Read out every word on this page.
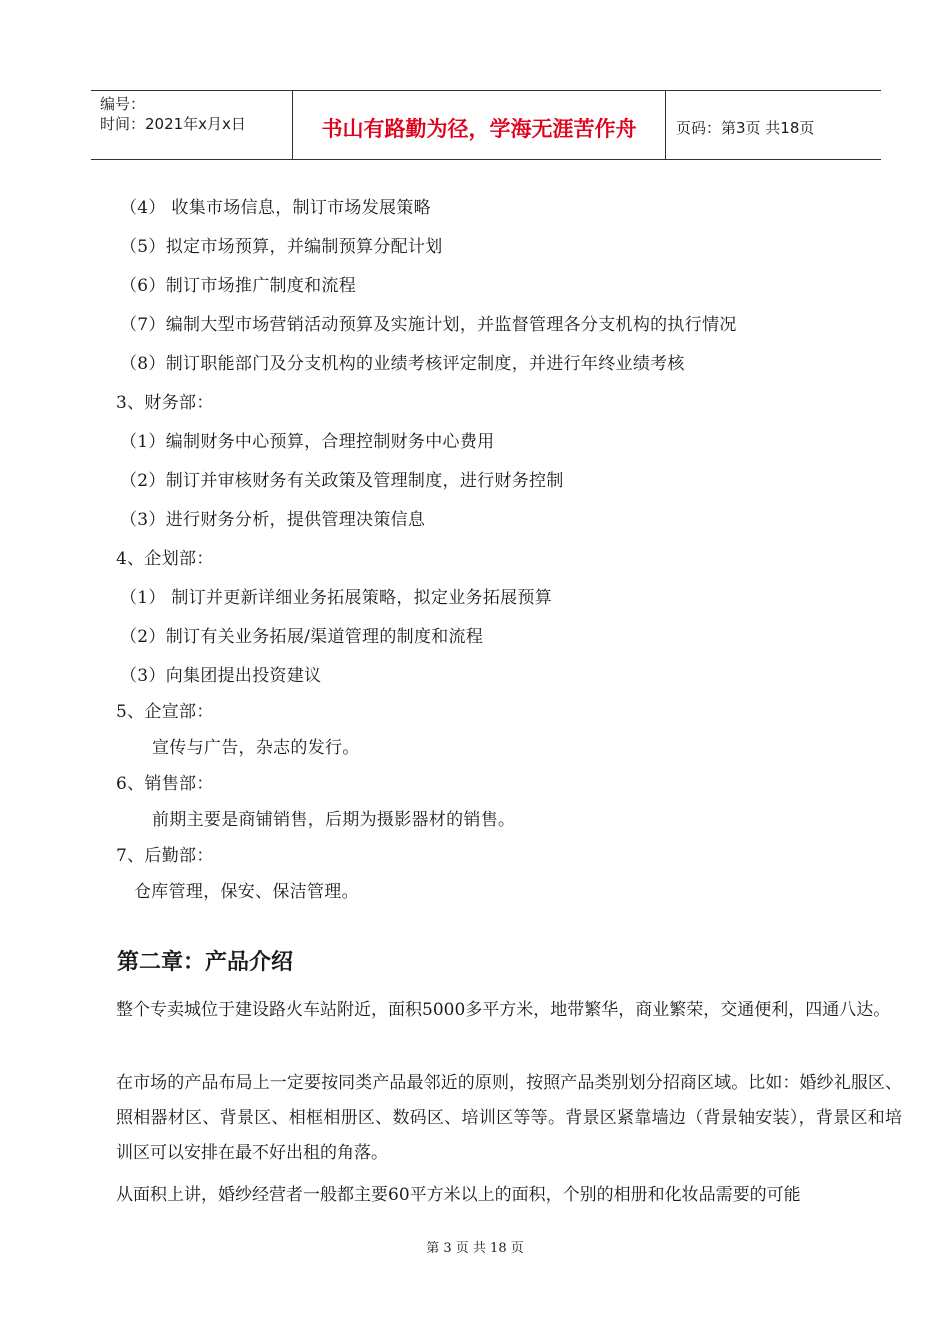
编号：
时间：2021年x月x日	书山有路勤为径，学海无涯苦作舟	页码：第3页 共18页
（4） 收集市场信息，制订市场发展策略
（5）拟定市场预算，并编制预算分配计划
（6）制订市场推广制度和流程
（7）编制大型市场营销活动预算及实施计划，并监督管理各分支机构的执行情况
（8）制订职能部门及分支机构的业绩考核评定制度，并进行年终业绩考核
3、财务部：
（1）编制财务中心预算，合理控制财务中心费用
（2）制订并审核财务有关政策及管理制度，进行财务控制
（3）进行财务分析，提供管理决策信息
4、企划部：
（1） 制订并更新详细业务拓展策略，拟定业务拓展预算
（2）制订有关业务拓展/渠道管理的制度和流程
（3）向集团提出投资建议
5、企宣部：
宣传与广告，杂志的发行。
6、销售部：
前期主要是商铺销售，后期为摄影器材的销售。
7、后勤部：
仓库管理，保安、保洁管理。
第二章：产品介绍
整个专卖城位于建设路火车站附近，面积5000多平方米，地带繁华，商业繁荣，交通便利，四通八达。
在市场的产品布局上一定要按同类产品最邻近的原则，按照产品类别划分招商区域。比如：婚纱礼服区、照相器材区、背景区、相框相册区、数码区、培训区等等。背景区紧靠墙边（背景轴安装），背景区和培训区可以安排在最不好出租的角落。
从面积上讲，婚纱经营者一般都主要60平方米以上的面积，个别的相册和化妆品需要的可能
第 3 页 共 18 页
